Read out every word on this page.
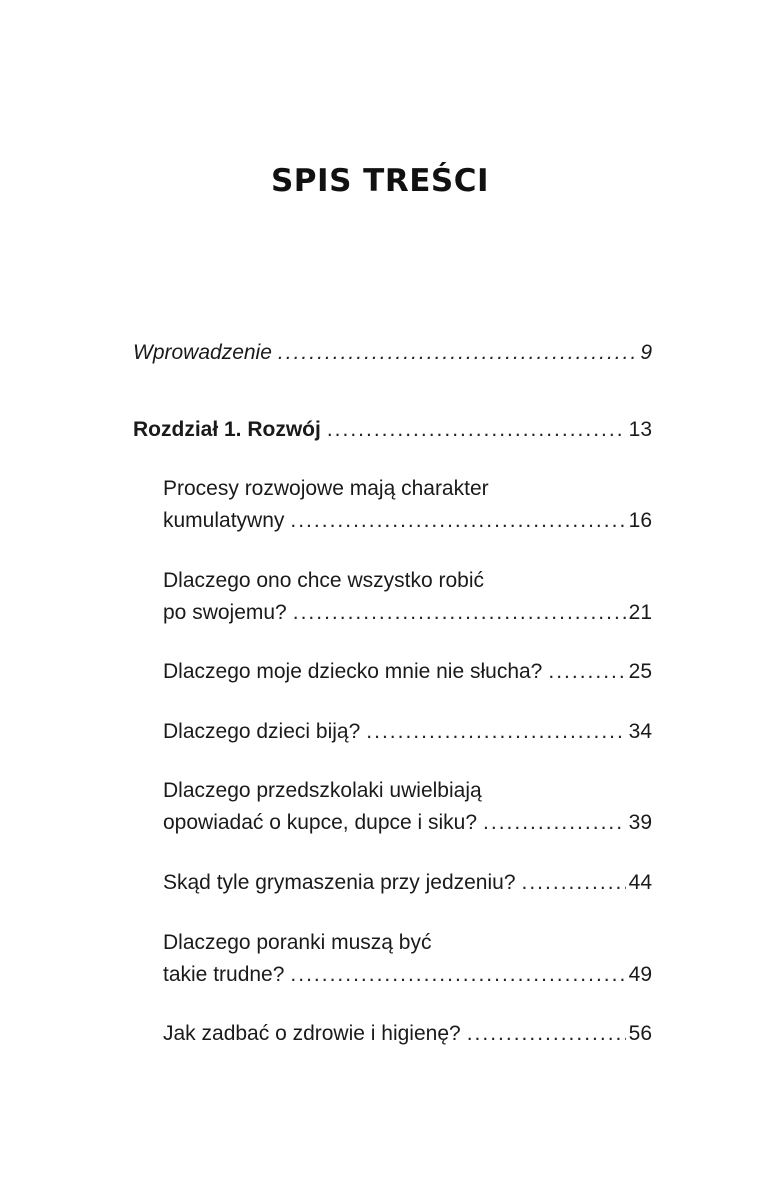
SPIS TREŚCI
Wprowadzenie .....	9
Rozdział 1. Rozwój .....	13
Procesy rozwojowe mają charakter
kumulatywny .....	16
Dlaczego ono chce wszystko robić
po swojemu? .....	21
Dlaczego moje dziecko mnie nie słucha? .....	25
Dlaczego dzieci biją? .....	34
Dlaczego przedszkolaki uwielbiają
opowiadać o kupce, dupce i siku? .....	39
Skąd tyle grymaszenia przy jedzeniu? .....	44
Dlaczego poranki muszą być
takie trudne? .....	49
Jak zadbać o zdrowie i higienę? .....	56
